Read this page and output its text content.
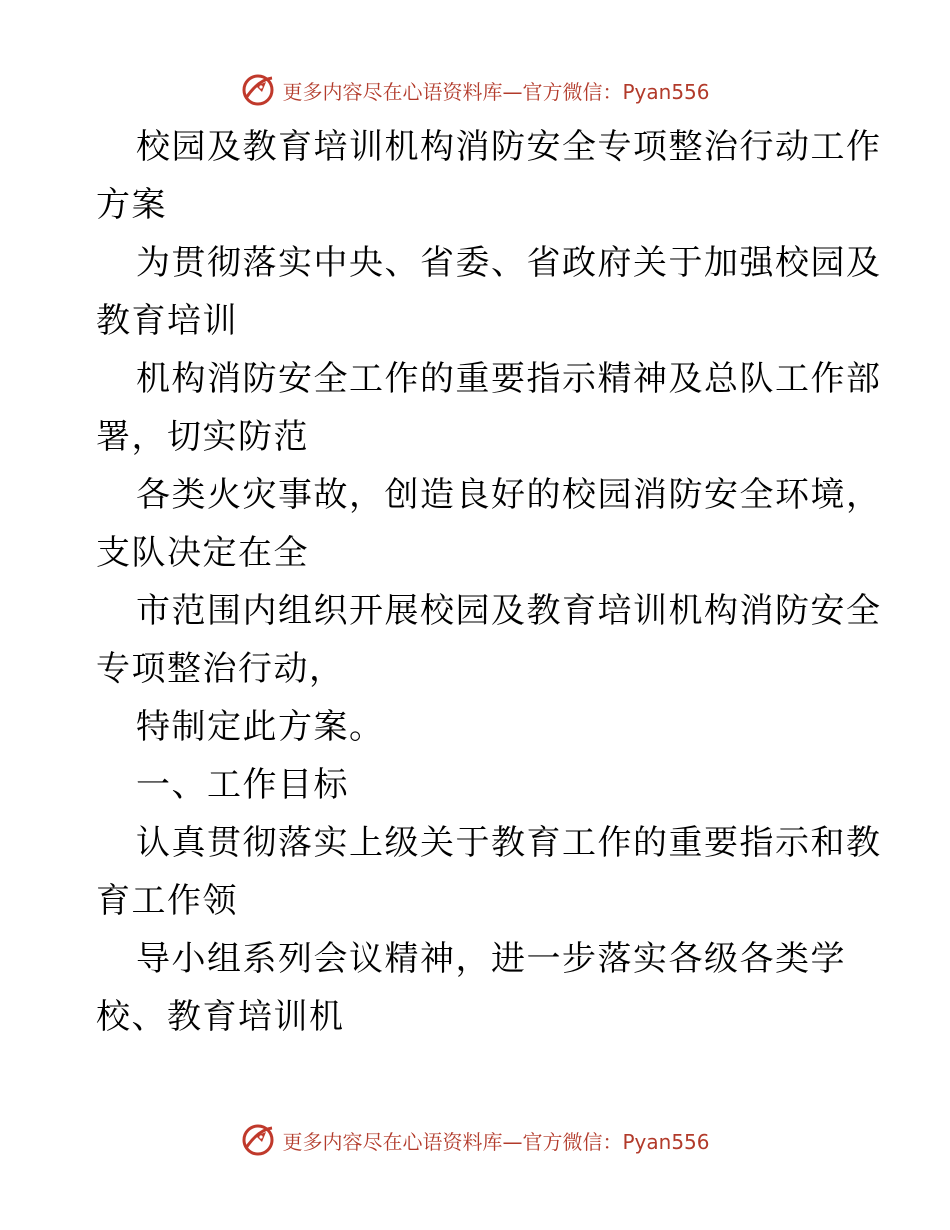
更多内容尽在心语资料库—官方微信：Pyan556
校园及教育培训机构消防安全专项整治行动工作
方案
为贯彻落实中央、省委、省政府关于加强校园及
教育培训
机构消防安全工作的重要指示精神及总队工作部
署，切实防范
各类火灾事故，创造良好的校园消防安全环境，
支队决定在全
市范围内组织开展校园及教育培训机构消防安全
专项整治行动，
特制定此方案。
一、工作目标
认真贯彻落实上级关于教育工作的重要指示和教
育工作领
导小组系列会议精神，进一步落实各级各类学
校、教育培训机
更多内容尽在心语资料库—官方微信：Pyan556
